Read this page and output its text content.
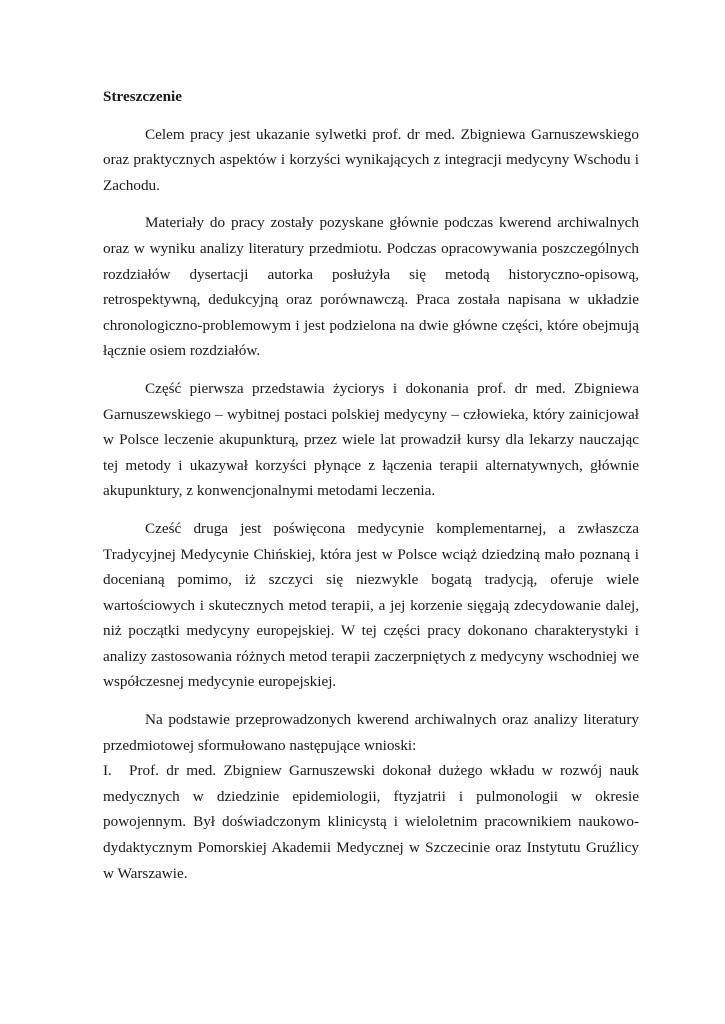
Streszczenie

Celem pracy jest ukazanie sylwetki prof. dr med. Zbigniewa Garnuszewskiego oraz praktycznych aspektów i korzyści wynikających z integracji medycyny Wschodu i Zachodu.

Materiały do pracy zostały pozyskane głównie podczas kwerend archiwalnych oraz w wyniku analizy literatury przedmiotu. Podczas opracowywania poszczególnych rozdziałów dysertacji autorka posłużyła się metodą historyczno-opisową, retrospektywną, dedukcyjną oraz porównawczą. Praca została napisana w układzie chronologiczno-problemowym i jest podzielona na dwie główne części, które obejmują łącznie osiem rozdziałów.

Część pierwsza przedstawia życiorys i dokonania prof. dr med. Zbigniewa Garnuszewskiego – wybitnej postaci polskiej medycyny – człowieka, który zainicjował w Polsce leczenie akupunkturą, przez wiele lat prowadził kursy dla lekarzy nauczając tej metody i ukazywał korzyści płynące z łączenia terapii alternatywnych, głównie akupunktury, z konwencjonalnymi metodami leczenia.

Cześć druga jest poświęcona medycynie komplementarnej, a zwłaszcza Tradycyjnej Medycynie Chińskiej, która jest w Polsce wciąż dziedziną mało poznaną i docenianą pomimo, iż szczyci się niezwykle bogatą tradycją, oferuje wiele wartościowych i skutecznych metod terapii, a jej korzenie sięgają zdecydowanie dalej, niż początki medycyny europejskiej. W tej części pracy dokonano charakterystyki i analizy zastosowania różnych metod terapii zaczerpniętych z medycyny wschodniej we współczesnej medycynie europejskiej.

Na podstawie przeprowadzonych kwerend archiwalnych oraz analizy literatury przedmiotowej sformułowano następujące wnioski:

I. Prof. dr med. Zbigniew Garnuszewski dokonał dużego wkładu w rozwój nauk medycznych w dziedzinie epidemiologii, ftyzjatrii i pulmonologii w okresie powojennym. Był doświadczonym klinicystą i wieloletnim pracownikiem naukowo-dydaktycznym Pomorskiej Akademii Medycznej w Szczecinie oraz Instytutu Gruźlicy w Warszawie.
